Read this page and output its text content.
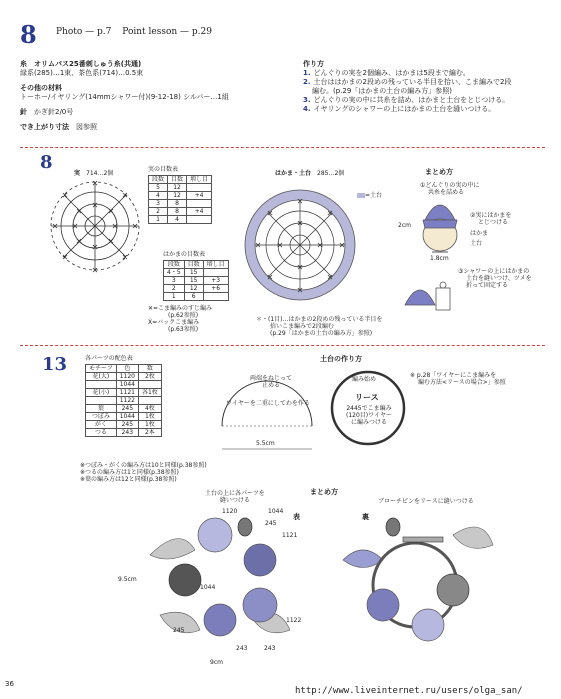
8 Photo — p.7 Point lesson — p.29
糸　オリムパス25番刺しゅう糸(共通)
緑系(285)…1束、茶色系(714)…0.5束
その他の材料
トーホー/イヤリング(14mmシャワー付)(9-12-18) シルバー…1組
針　 かぎ針2/0号
でき上がり寸法　 図参照
作り方
1. どんぐりの実を2個編み、はかまは5段まで編む。
2. 土台ははかまの2段めの残っている半目を拾い、こま編みで2段
編む。(p.29「はかまの土台の編み方」参照)
3. どんぐりの実の中に共糸を詰め、はかまと土台をとじつける。
4. イヤリングのシャワーの上にはかまの土台を縫いつける。
8
実　 714…2個
✕
✕
✕	✕
✕	✕
✕	✕
✕
✕
✕	✕
✕	✕
✕	✕
実の目数表
段数	目数	増し目
5	12	
4	12	+4
3	8	
2	8	+4
1	4	
はかまの目数表
段数	目数	増し目
4・5	15	
3	15	+3
2	12	+6
1	6	
✕=こま編みのすじ編み
(p.62参照)
Ẋ=バックこま編み
(p.63参照)
はかま・土台　 285…2個
=土台
✕
✕
✕	✕
✕	✕
✕	✕
✕
✕
✕	✕
＊・(1目)…はかまの2段めの残っている半目を
拾いこま編みで2段編む
(p.29「はかまの土台の編み方」参照)
まとめ方
①どんぐりの実の中に
共糸を詰める
②実にはかまを
とじつける
はかま
土台
2cm
1.8cm
③シャワーの上にはかまの
土台を縫いつけ、ツメを
折って固定する
13	各パーツの配色表
モチーフ	色	数
花(大)	1120	2枚
	1044	
花(小)	1121	各1枚
	1122	
葉	245	4枚
つぼみ	1044	1枚
がく	245	1枚
つる	243	2本
※つぼみ・がくの編み方は10と同様(p.38参照)
※つるの編み方は1と同様(p.38参照)
※葉の編み方は12と同様(p.38参照)
土台の作り方
両端をねじって
止める
ワイヤーを二重にしてわを作る
5.5cm
編み始め
リース
2445でこま編み
(120目)ワイヤー
に編みつける
※ p.28「ワイヤーにこま編みを
編む方法<リースの場合>」参照
まとめ方
土台の上に各パーツを
縫いつける
表	裏
ブローチピンをリースに縫いつける
1120	1044
245
1121
1044
245
1122
243	243
9.5cm
9cm
36
http://www.liveinternet.ru/users/olga_san/
